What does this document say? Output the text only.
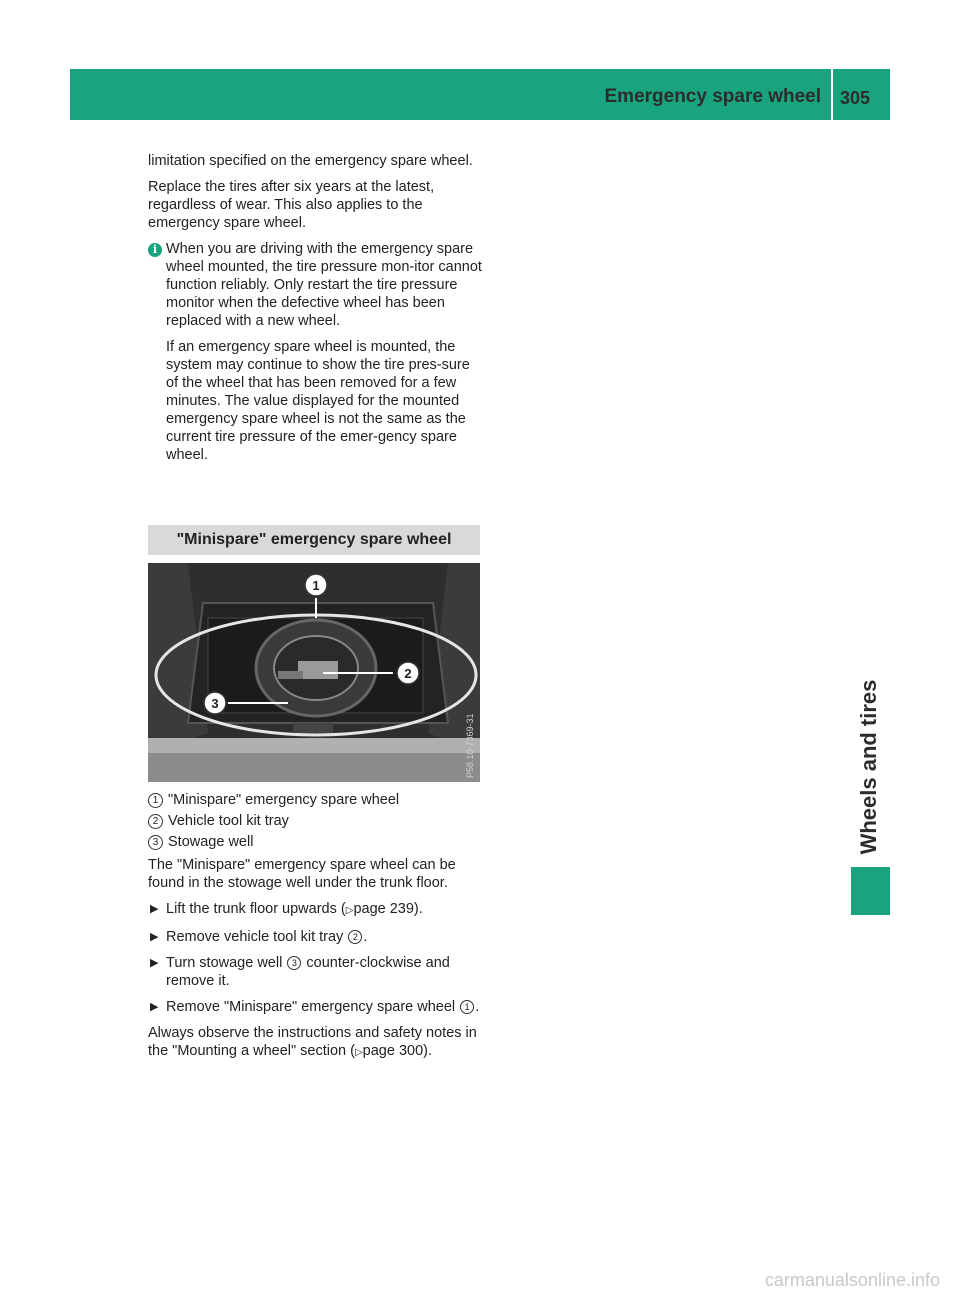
Emergency spare wheel 305
Wheels and tires

limitation specified on the emergency spare wheel.

Replace the tires after six years at the latest, regardless of wear. This also applies to the emergency spare wheel.

i When you are driving with the emergency spare wheel mounted, the tire pressure mon-itor cannot function reliably. Only restart the tire pressure monitor when the defective wheel has been replaced with a new wheel.

If an emergency spare wheel is mounted, the system may continue to show the tire pres-sure of the wheel that has been removed for a few minutes. The value displayed for the mounted emergency spare wheel is not the same as the current tire pressure of the emer-gency spare wheel.

"Minispare" emergency spare wheel
1
2
3
P58.10-7369-31
1 "Minispare" emergency spare wheel
2 Vehicle tool kit tray
3 Stowage well

The "Minispare" emergency spare wheel can be found in the stowage well under the trunk floor.

▶ Lift the trunk floor upwards (▷page 239).
▶ Remove vehicle tool kit tray 2 .
▶ Turn stowage well 3 counter-clockwise and remove it.
▶ Remove "Minispare" emergency spare wheel 1 .

Always observe the instructions and safety notes in the "Mounting a wheel" section (▷page 300).

carmanualsonline.info
